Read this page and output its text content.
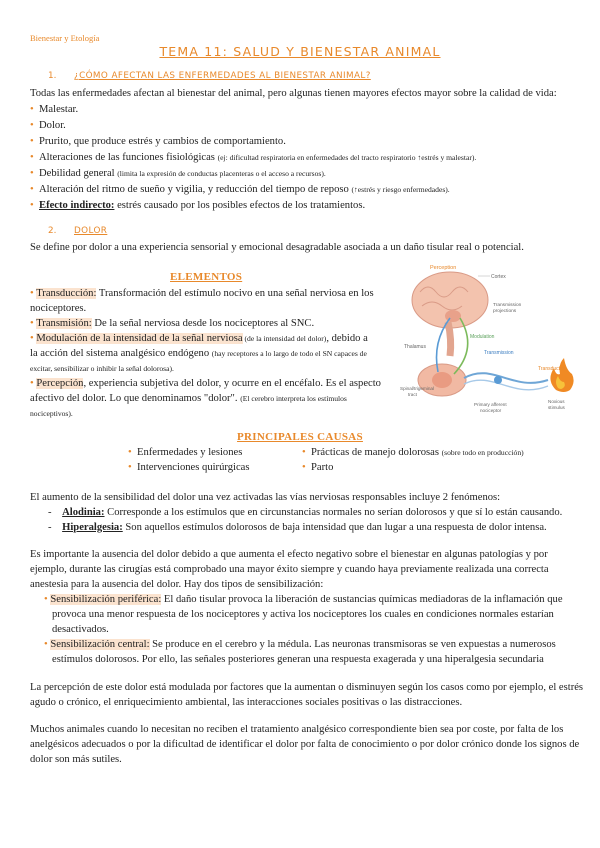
Bienestar y Etología
TEMA 11: SALUD Y BIENESTAR ANIMAL
1. ¿CÓMO AFECTAN LAS ENFERMEDADES AL BIENESTAR ANIMAL?
Todas las enfermedades afectan al bienestar del animal, pero algunas tienen mayores efectos mayor sobre la calidad de vida:
• Malestar.
• Dolor.
• Prurito, que produce estrés y cambios de comportamiento.
• Alteraciones de las funciones fisiológicas (ej: dificultad respiratoria en enfermedades del tracto respiratorio ↑estrés y malestar).
• Debilidad general (limita la expresión de conductas placenteras o el acceso a recursos).
• Alteración del ritmo de sueño y vigilia, y reducción del tiempo de reposo (↑estrés y riesgo enfermedades).
• Efecto indirecto: estrés causado por los posibles efectos de los tratamientos.
2. DOLOR
Se define por dolor a una experiencia sensorial y emocional desagradable asociada a un daño tisular real o potencial.
ELEMENTOS
• Transducción: Transformación del estímulo nocivo en una señal nerviosa en los
nociceptores.
• Transmisión: De la señal nerviosa desde los nociceptores al SNC.
• Modulación de la intensidad de la señal nerviosa (de la intensidad del dolor), debido a
la acción del sistema analgésico endógeno (hay receptores a lo largo de todo el SN capaces de
excitar, sensibilizar o inhibir la señal dolorosa).
• Percepción, experiencia subjetiva del dolor, y ocurre en el encéfalo. Es el aspecto
afectivo del dolor. Lo que denominamos "dolor". (El cerebro interpreta los estímulos
nociceptivos).
Perception
Cortex
Transmission
projections
Modulation
Thalamus
Transmission
Transduction
Spinal/trigeminal
tract
Primary afferent
nociceptor
Noxious
stimulus
PRINCIPALES CAUSAS
• Enfermedades y lesiones	• Prácticas de manejo dolorosas (sobre todo en producción)
• Intervenciones quirúrgicas	• Parto
El aumento de la sensibilidad del dolor una vez activadas las vías nerviosas responsables incluye 2 fenómenos:
-    Alodinia: Corresponde a los estímulos que en circunstancias normales no serían dolorosos y que sí lo están causando.
-    Hiperalgesia: Son aquellos estímulos dolorosos de baja intensidad que dan lugar a una respuesta de dolor intensa.
Es importante la ausencia del dolor debido a que aumenta el efecto negativo sobre el bienestar en algunas patologías y por
ejemplo, durante las cirugías está comprobado una mayor éxito siempre y cuando haya previamente realizada una correcta
anestesia para la ausencia del dolor. Hay dos tipos de sensibilización:
• Sensibilización periférica: El daño tisular provoca la liberación de sustancias químicas mediadoras de la inflamación que
provoca una menor respuesta de los nociceptores y activa los nociceptores los cuales en condiciones normales estarían
desactivados.
• Sensibilización central: Se produce en el cerebro y la médula. Las neuronas transmisoras se ven expuestas a numerosos
estímulos dolorosos. Por ello, las señales posteriores generan una respuesta exagerada y una hiperalgesia secundaria
La percepción de este dolor está modulada por factores que la aumentan o disminuyen según los casos como por ejemplo, el estrés
agudo o crónico, el enriquecimiento ambiental, las interacciones sociales positivas o las distracciones.
Muchos animales cuando lo necesitan no reciben el tratamiento analgésico correspondiente bien sea por coste, por falta de los
anelgésicos adecuados o por la dificultad de identificar el dolor por falta de conocimiento o por dolor crónico donde los signos de
dolor son más sutiles.
